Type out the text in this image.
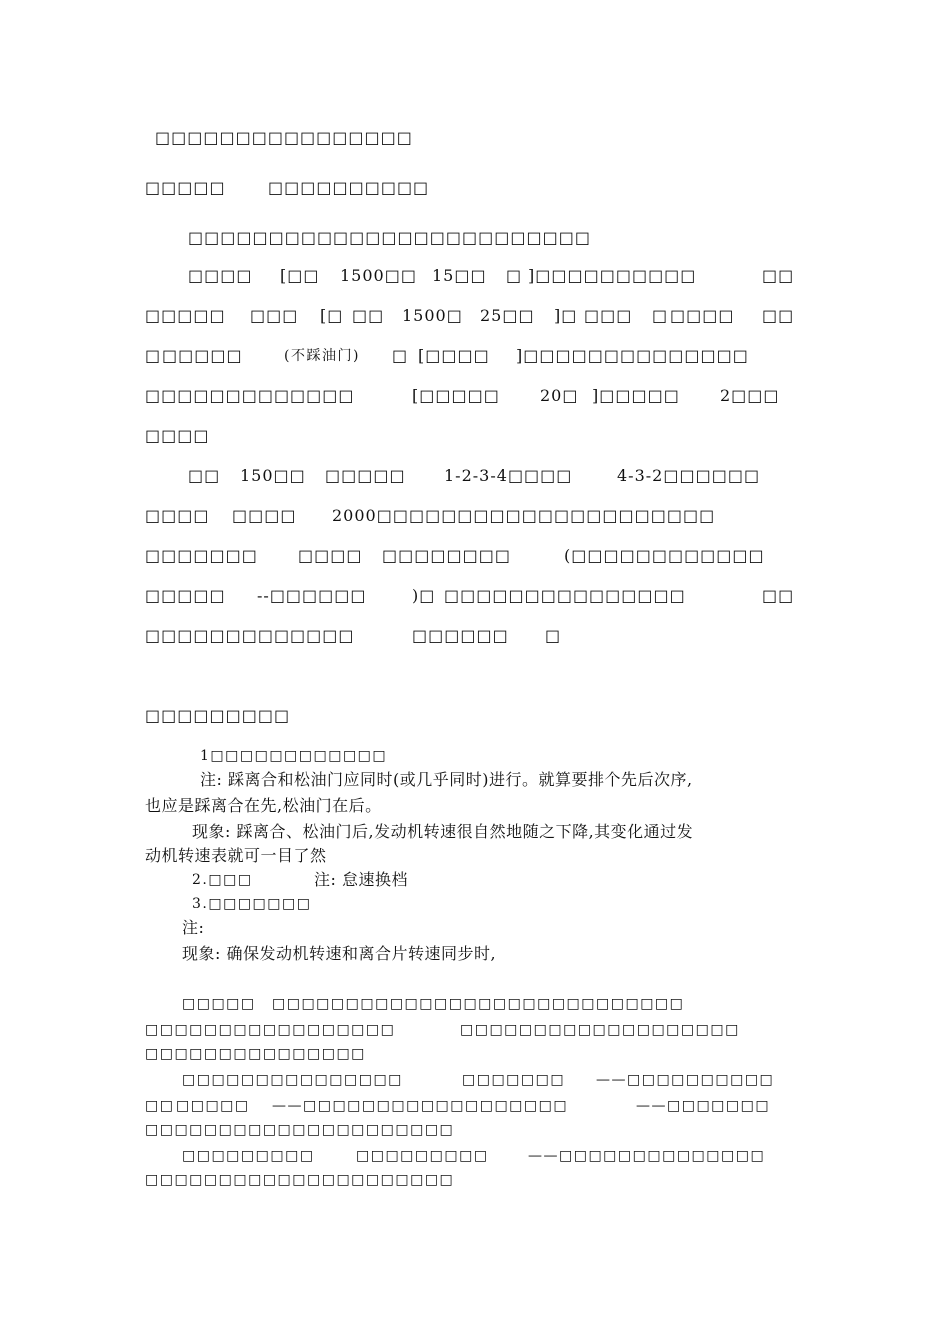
□□□□□□□□□□□□□□□□
□□□□□	□□□□□□□□□□
□□□□□□□□□□□□□□□□□□□□□□□□□
□□□□ [□□ 1500□□ 15□□ □ ]□□□□□□□□□□	□□
□□□□□ □□□ [□ □□ 1500□ 25□□ ]□ □□□ □ □□□□ □□
□ □□□□□	(不踩油门) □ [□□□□ ]□□□□□□□□□□□□□□
□□□□□□□□□□□□□	[□□□□□	20□ ]□□□□□	2□□□
□□□□
□□ 150□□ □□□□□ 1-2-3-4□□□□	4-3-2□□□□□□
□□□□ □□□□ 2000□□□□□□□□□□□□□□□□□□□□□
□□□□□□□	□□□□ □□□□□□□□	(□□□□□□□□□□□□
□□□□□ --□□□□□□	)□ □□□□□□□□□□□□□□□	□□
□□□□□□□□□□□□□	□□□□□□ □
□□□□□□□□□
1□□□□□□□□□□□□
注: 踩离合和松油门应同时(或几乎同时)进行。就算要排个先后次序,
也应是踩离合在先,松油门在后。
现象: 踩离合、松油门后,发动机转速很自然地随之下降,其变化通过发
动机转速表就可一目了然
2.□□□	注: 怠速换档
3.□□□□□□□
注:
现象: 确保发动机转速和离合片转速同步时,
□□□□□ □□□□□□□□□□□□□□□□□□□□□□□□□□□□
□□□□□□□□□□□□□□□□□	□□□□□□□□□□□□□□□□□□□
□□□□□□□□□□□□□□□
□□□□□□□□□□□□□□□	□□□□□□□ ——□□□□□□□□□□
□□ □□□□□ ——□□□□□□□□□□□□□□□□□□	——□□□□□□□
□□□□□□□□□□□□□□□□□□□□□
□□□□□□□□□	□□□□□□□□□	——□□□□□□□□□□□□□□
□□□□□□□□□□□□□□□□□□□□□
